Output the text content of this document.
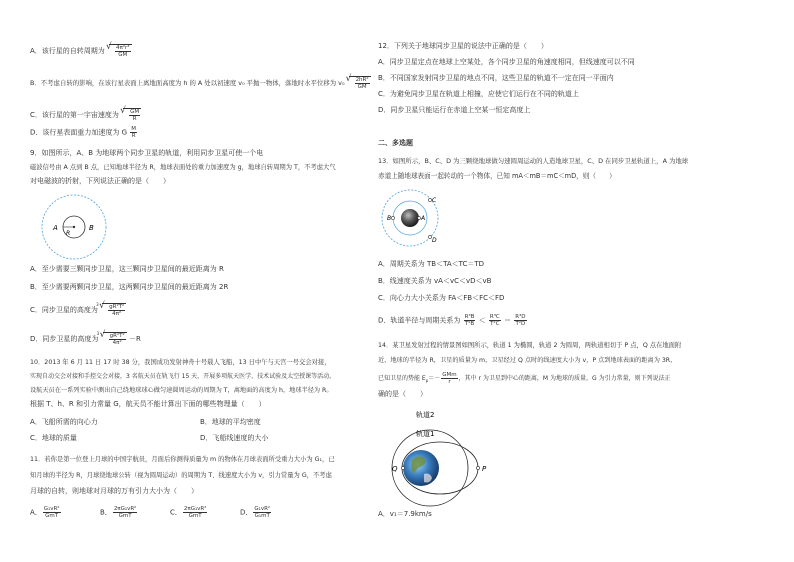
A．该行星的自转周期为 √ $\frac{\text{4π²r³}}{GM}$
B．不考虑自转的影响，在该行星表面上离地面高度为 h 的 A 处以初速度 v₀ 平抛一物体，落地时水平位移为 v₀ √ $\frac{\text{2hR²}}{GM}$
C．该行星的第一宇宙速度为 √ $\frac{GM}{R}$
D．该行星表面重力加速度为 G $\frac{M}{R}$
9．如图所示，A、B 为地球两个同步卫星的轨道，利用同步卫星可使一个电
磁波信号由 A 点到 B 点，已知地球半径为 R，地球表面处的重力加速度为 g，地球自转周期为 T，不考虑大气
对电磁波的折射，下列说法正确的是（　　）
A	B
R
A．至少需要三颗同步卫星，这三颗同步卫星间的最近距离为 R
B．至少需要两颗同步卫星，这两颗同步卫星间的最近距离为 2R
C．同步卫星的高度为
√ $3 \frac{\text{gR²T²}}{\text{4π²}}$
D．同步卫星的高度为
√ $3 \frac{\text{gR²T²}}{\text{4π²}} -R$
10．2013 年 6 月 11 日 17 时 38 分，我国成功发射神舟十号载人飞船，13 日中午与天宫一号交会对接，
实现自动交会对接和手控交会对接，3 名航天员在轨飞行 15 天，开展多项航天医学、技术试验及太空授课等活动。
设航天员在一系列实验中测出自己绕地球球心做匀速圆周运动的周期为 T，离地面的高度为 h，地球半径为 R。
根据 T、h、R 和引力常量 G，航天员不能计算出下面的哪些物理量（　　）
A．飞船所需的向心力	B．地球的平均密度
C．地球的质量	D．飞船线速度的大小
11．若你是第一位登上月球的中国宇航员，月面后你测得质量为 m 的物体在月球表面所受重力大小为 G₁，已
知月球的半径为 R，月球绕地球公转（视为圆周运动）的周期为 T、线速度大小为 v，引力常量为 G，不考虑
月球的自转，则地球对月球的万有引力大小为（　　）
A． $\frac{\text{G₁vR²}}{\text{GmT}}$	B． $\frac{\text{2πG₁vR²}}{\text{GmT}}$	C． $\frac{\text{2πG₁vR²}}{\text{GmT}}$	D． $\frac{\text{G₁vR²}}{\text{G₁mT}}$
12．下列关于地球同步卫星的说法中正确的是（　　）
A．同步卫星定点在地球上空某处，各个同步卫星的角速度相同，但线速度可以不同
B．不同国家发射同步卫星的地点不同，这些卫星的轨道不一定在同一平面内
C．为避免同步卫星在轨道上相撞，应使它们运行在不同的轨道上
D．同步卫星只能运行在赤道上空某一恒定高度上
二、多选题
13．如图所示，B、C、D 为三颗绕地球做匀速圆周运动的人造地球卫星，C、D 在同步卫星轨道上，A 为地球
赤道上随地球表面一起转动的一个物体，已知 mA＜mB＝mC＜mD，则（　　）
B	A
C
D
A．周期关系为 TB＜TA＜TC＝TD
B．线速度关系为 vA＜vC＜vD＜vB
C．向心力大小关系为 FA＜FB＜FC＜FD
D．轨道半径与周期关系为 $\frac{\text{R³B}}{\text{T²B}} < \frac{\text{R³C}}{\text{T²C}} = \frac{\text{R³D}}{\text{T²D}}$
14．某卫星发射过程的情景图如图所示，轨道 1 为椭圆，轨道 2 为圆周，两轨道相切于 P 点，Q 点在地面附
近，地球的半径为 R，卫星的质量为 m，卫星经过 Q 点时的线速度大小为 v，P 点到地球表面的距离为 3R，
已知卫星的势能 $E_p=- \frac{\text{GMm}}{r}$ ，其中 r 为卫星到中心的距离，M 为地球的质量，G 为引力常量，则下列说法正
确的是（　　）
轨道2
轨道1
Q	P
A．v₁＝7.9km/s
